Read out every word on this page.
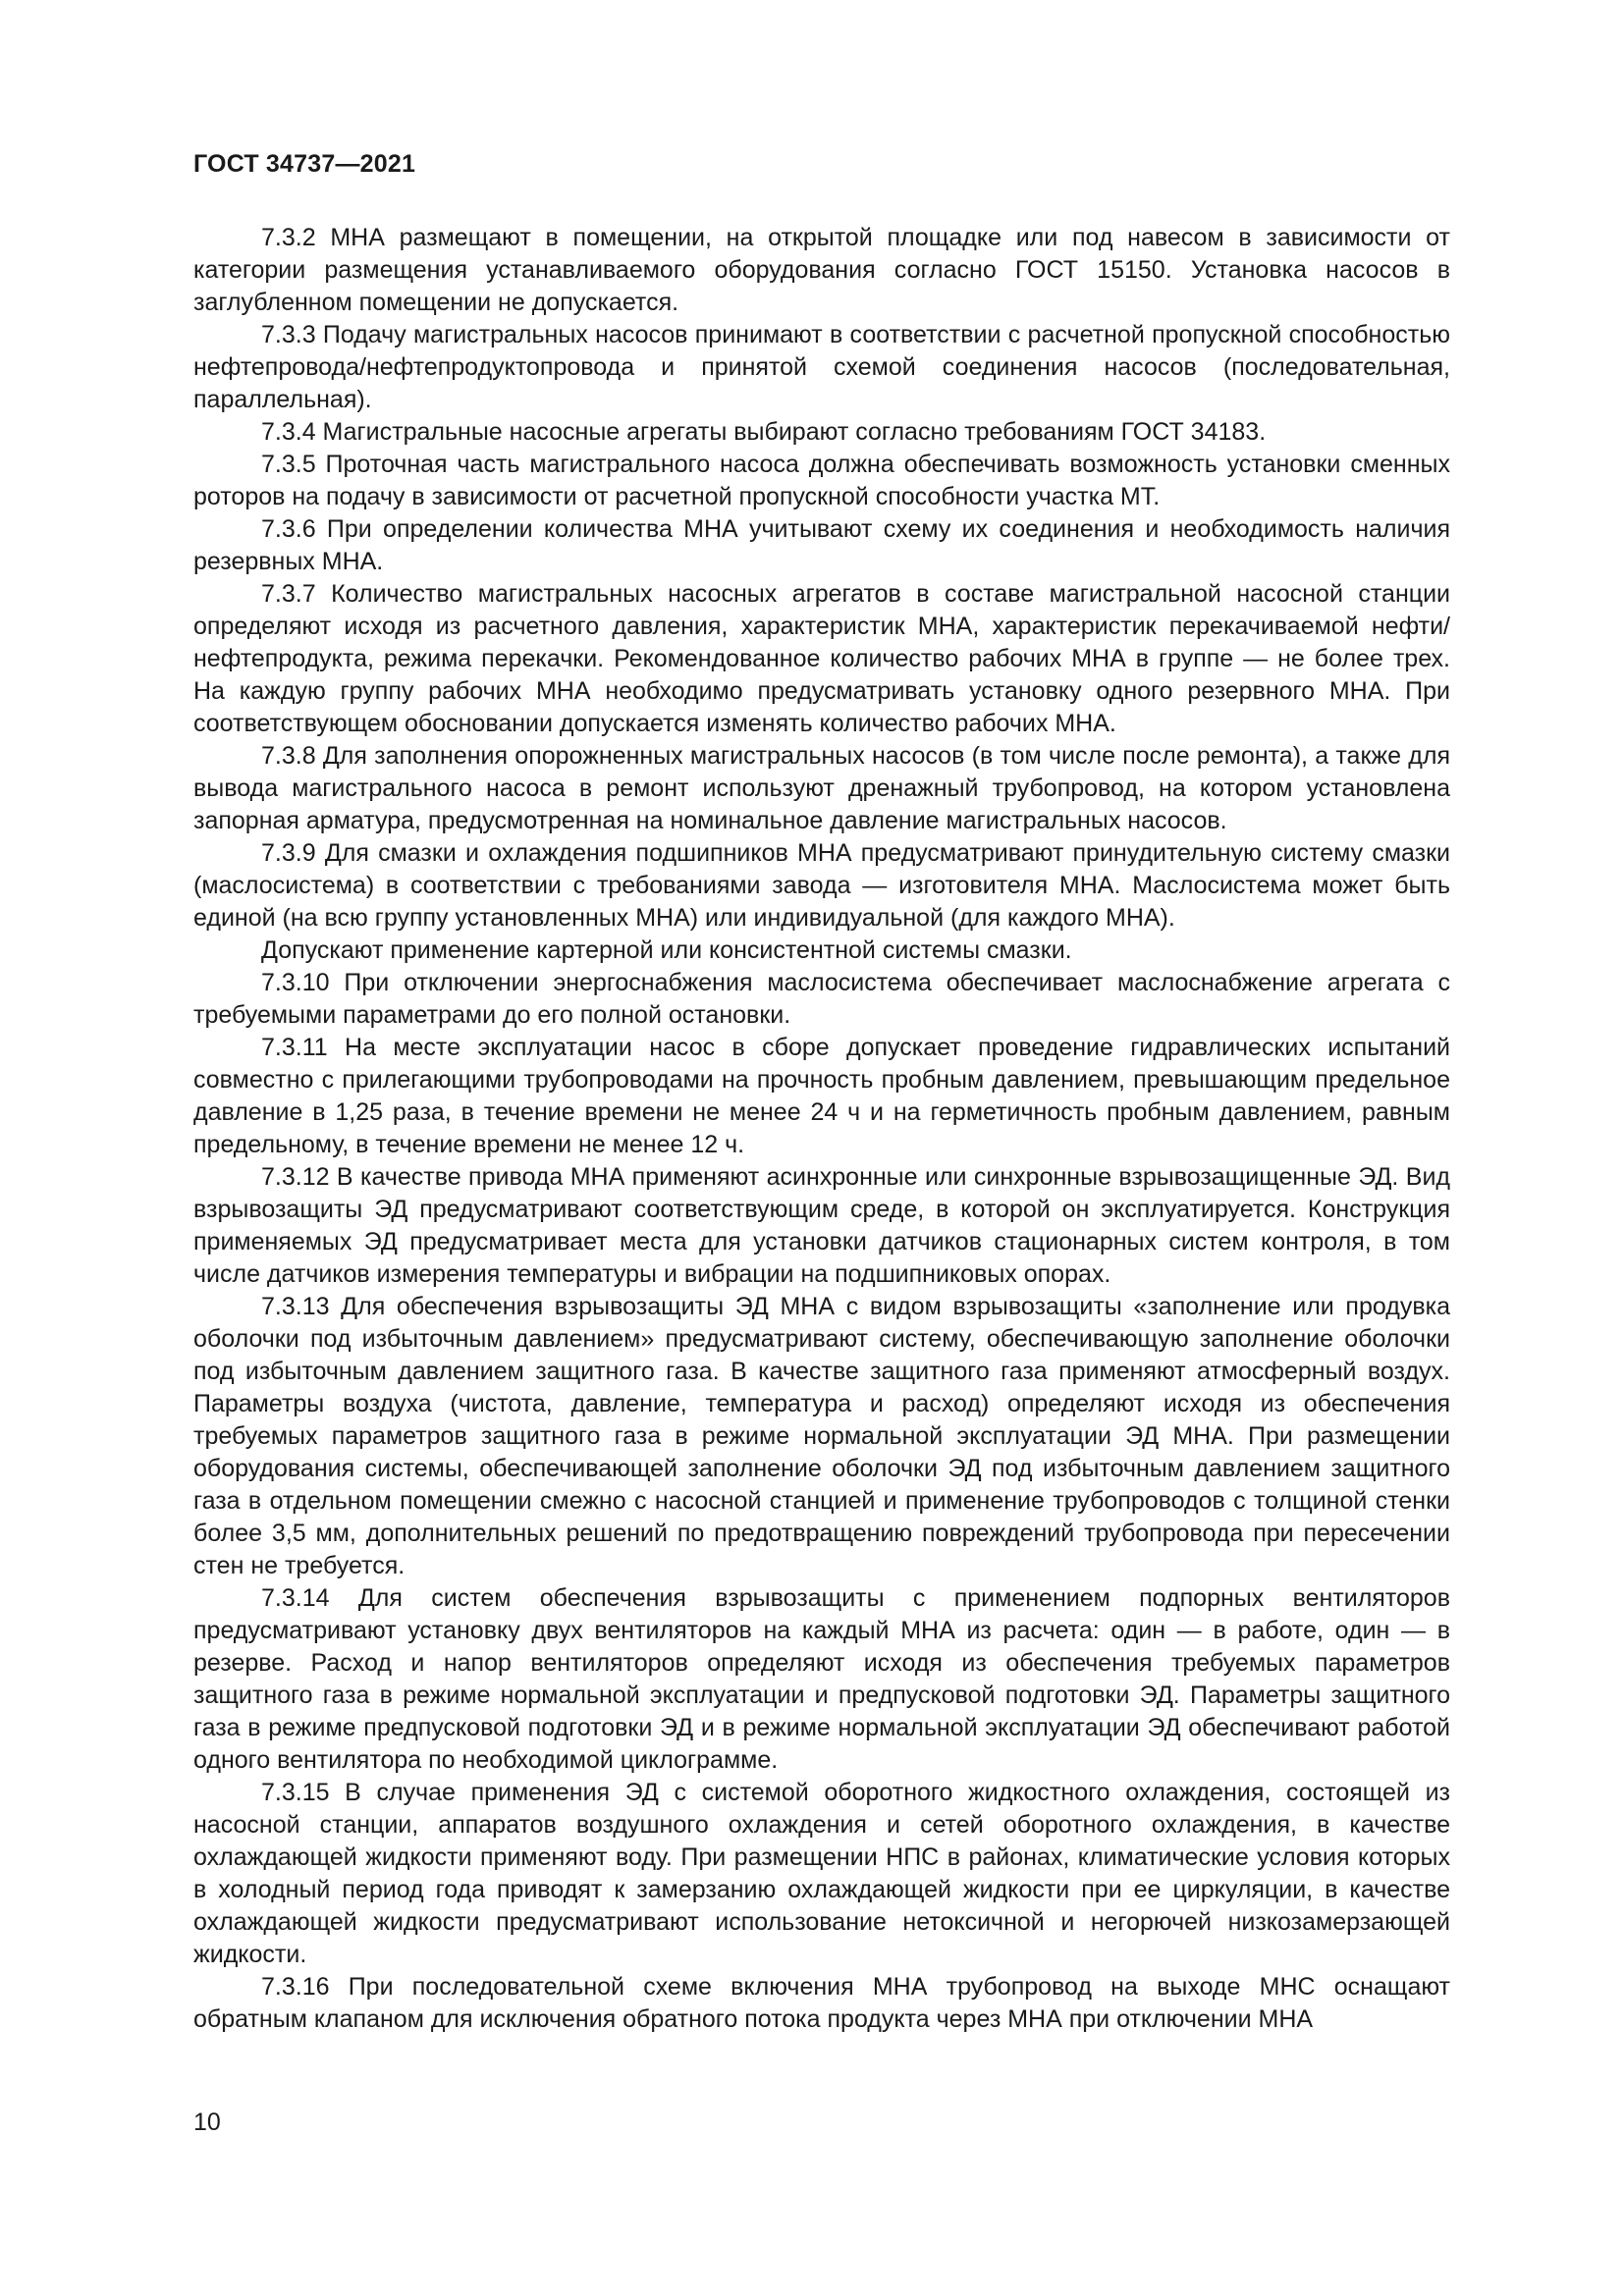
ГОСТ 34737—2021

7.3.2 МНА размещают в помещении, на открытой площадке или под навесом в зависимости от категории размещения устанавливаемого оборудования согласно ГОСТ 15150. Установка насосов в заглубленном помещении не допускается.

7.3.3 Подачу магистральных насосов принимают в соответствии с расчетной пропускной способностью нефтепровода/нефтепродуктопровода и принятой схемой соединения насосов (последовательная, параллельная).

7.3.4 Магистральные насосные агрегаты выбирают согласно требованиям ГОСТ 34183.

7.3.5 Проточная часть магистрального насоса должна обеспечивать возможность установки сменных роторов на подачу в зависимости от расчетной пропускной способности участка МТ.

7.3.6 При определении количества МНА учитывают схему их соединения и необходимость наличия резервных МНА.

7.3.7 Количество магистральных насосных агрегатов в составе магистральной насосной станции определяют исходя из расчетного давления, характеристик МНА, характеристик перекачиваемой нефти/нефтепродукта, режима перекачки. Рекомендованное количество рабочих МНА в группе — не более трех. На каждую группу рабочих МНА необходимо предусматривать установку одного резервного МНА. При соответствующем обосновании допускается изменять количество рабочих МНА.

7.3.8 Для заполнения опорожненных магистральных насосов (в том числе после ремонта), а также для вывода магистрального насоса в ремонт используют дренажный трубопровод, на котором установлена запорная арматура, предусмотренная на номинальное давление магистральных насосов.

7.3.9 Для смазки и охлаждения подшипников МНА предусматривают принудительную систему смазки (маслосистема) в соответствии с требованиями завода — изготовителя МНА. Маслосистема может быть единой (на всю группу установленных МНА) или индивидуальной (для каждого МНА).

Допускают применение картерной или консистентной системы смазки.

7.3.10 При отключении энергоснабжения маслосистема обеспечивает маслоснабжение агрегата с требуемыми параметрами до его полной остановки.

7.3.11 На месте эксплуатации насос в сборе допускает проведение гидравлических испытаний совместно с прилегающими трубопроводами на прочность пробным давлением, превышающим предельное давление в 1,25 раза, в течение времени не менее 24 ч и на герметичность пробным давлением, равным предельному, в течение времени не менее 12 ч.

7.3.12 В качестве привода МНА применяют асинхронные или синхронные взрывозащищенные ЭД. Вид взрывозащиты ЭД предусматривают соответствующим среде, в которой он эксплуатируется. Конструкция применяемых ЭД предусматривает места для установки датчиков стационарных систем контроля, в том числе датчиков измерения температуры и вибрации на подшипниковых опорах.

7.3.13 Для обеспечения взрывозащиты ЭД МНА с видом взрывозащиты «заполнение или продувка оболочки под избыточным давлением» предусматривают систему, обеспечивающую заполнение оболочки под избыточным давлением защитного газа. В качестве защитного газа применяют атмосферный воздух. Параметры воздуха (чистота, давление, температура и расход) определяют исходя из обеспечения требуемых параметров защитного газа в режиме нормальной эксплуатации ЭД МНА. При размещении оборудования системы, обеспечивающей заполнение оболочки ЭД под избыточным давлением защитного газа в отдельном помещении смежно с насосной станцией и применение трубопроводов с толщиной стенки более 3,5 мм, дополнительных решений по предотвращению повреждений трубопровода при пересечении стен не требуется.

7.3.14 Для систем обеспечения взрывозащиты с применением подпорных вентиляторов предусматривают установку двух вентиляторов на каждый МНА из расчета: один — в работе, один — в резерве. Расход и напор вентиляторов определяют исходя из обеспечения требуемых параметров защитного газа в режиме нормальной эксплуатации и предпусковой подготовки ЭД. Параметры защитного газа в режиме предпусковой подготовки ЭД и в режиме нормальной эксплуатации ЭД обеспечивают работой одного вентилятора по необходимой циклограмме.

7.3.15 В случае применения ЭД с системой оборотного жидкостного охлаждения, состоящей из насосной станции, аппаратов воздушного охлаждения и сетей оборотного охлаждения, в качестве охлаждающей жидкости применяют воду. При размещении НПС в районах, климатические условия которых в холодный период года приводят к замерзанию охлаждающей жидкости при ее циркуляции, в качестве охлаждающей жидкости предусматривают использование нетоксичной и негорючей низкозамерзающей жидкости.

7.3.16 При последовательной схеме включения МНА трубопровод на выходе МНС оснащают обратным клапаном для исключения обратного потока продукта через МНА при отключении МНА

10
